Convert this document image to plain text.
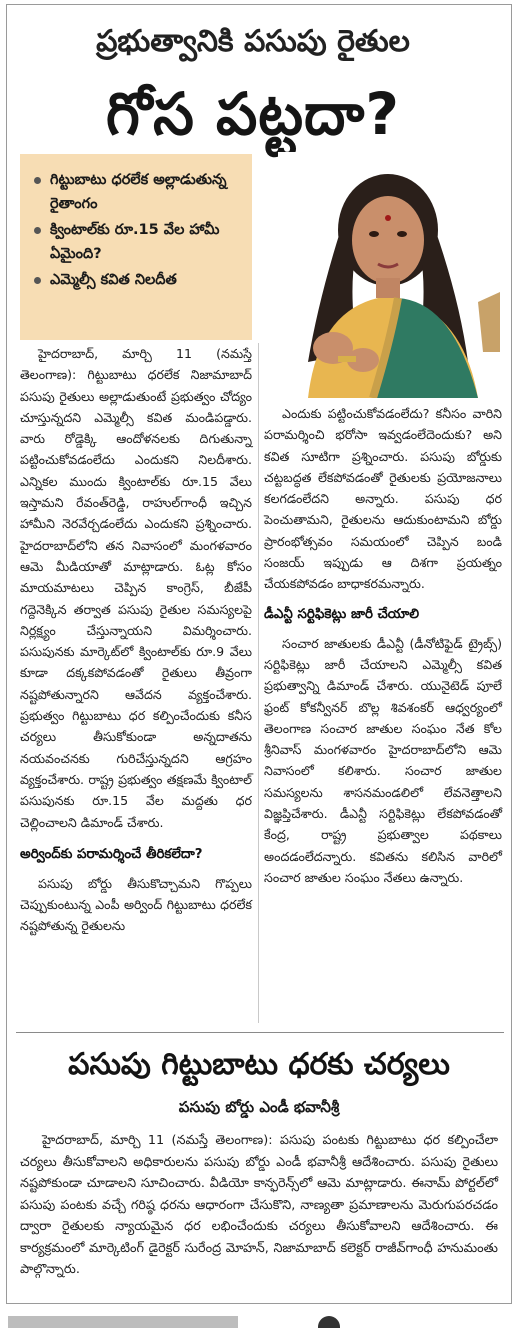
ప్రభుత్వానికి పసుపు రైతుల
గోస పట్టదా?
గిట్టుబాటు ధరలేక అల్లాడుతున్న రైతాంగం
క్వింటాల్‌కు రూ.15 వేల హామీ ఏమైంది?
ఎమ్మెల్సీ కవిత నిలదీత

హైదరాబాద్, మార్చి 11 (నమస్తే తెలంగాణ): గిట్టుబాటు ధరలేక నిజామాబాద్ పసుపు రైతులు అల్లాడుతుంటే ప్రభుత్వం చోద్యం చూస్తున్నదని ఎమ్మెల్సీ కవిత మండిపడ్డారు. వారు రోడ్డెక్కి ఆందోళనలకు దిగుతున్నా పట్టించుకోవడంలేదు ఎందుకని నిలదీశారు. ఎన్నికల ముందు క్వింటాల్‌కు రూ.15 వేలు ఇస్తామని రేవంత్‌రెడ్డి, రాహుల్‌గాంధీ ఇచ్చిన హామీని నెరవేర్చడంలేదు ఎందుకని ప్రశ్నించారు. హైదరాబాద్‌లోని తన నివాసంలో మంగళవారం ఆమె మీడియాతో మాట్లాడారు. ఓట్ల కోసం మాయమాటలు చెప్పిన కాంగ్రెస్, బీజేపీ గద్దెనెక్కిన తర్వాత పసుపు రైతుల సమస్యలపై నిర్లక్ష్యం చేస్తున్నాయని విమర్శించారు. పసుపునకు మార్కెట్‌లో క్వింటాల్‌కు రూ.9 వేలు కూడా దక్కకపోవడంతో రైతులు తీవ్రంగా నష్టపోతున్నారని ఆవేదన వ్యక్తంచేశారు. ప్రభుత్వం గిట్టుబాటు ధర కల్పించేందుకు కనీస చర్యలు తీసుకోకుండా అన్నదాతను నయవంచనకు గురిచేస్తున్నదని ఆగ్రహం వ్యక్తంచేశారు. రాష్ట్ర ప్రభుత్వం తక్షణమే క్వింటాల్ పసుపునకు రూ.15 వేల మద్దతు ధర చెల్లించాలని డిమాండ్ చేశారు.

అర్వింద్‌కు పరామర్శించే తీరికలేదా?

పసుపు బోర్డు తీసుకొచ్చామని గొప్పలు చెప్పుకుంటున్న ఎంపీ అర్వింద్ గిట్టుబాటు ధరలేక నష్టపోతున్న రైతులను

ఎందుకు పట్టించుకోవడంలేదు? కనీసం వారిని పరామర్శించి భరోసా ఇవ్వడంలేదెందుకు? అని కవిత సూటిగా ప్రశ్నించారు. పసుపు బోర్డుకు చట్టబద్ధత లేకపోవడంతో రైతులకు ప్రయోజనాలు కలగడంలేదని అన్నారు. పసుపు ధర పెంచుతామని, రైతులను ఆదుకుంటామని బోర్డు ప్రారంభోత్సవం సమయంలో చెప్పిన బండి సంజయ్ ఇప్పుడు ఆ దిశగా ప్రయత్నం చేయకపోవడం బాధాకరమన్నారు.

డీఎన్టీ సర్టిఫికెట్లు జారీ చేయాలి

సంచార జాతులకు డీఎన్టీ (డీనోటిఫైడ్ ట్రైబ్స్) సర్టిఫికెట్లు జారీ చేయాలని ఎమ్మెల్సీ కవిత ప్రభుత్వాన్ని డిమాండ్ చేశారు. యునైటెడ్ పూలే ఫ్రంట్ కోకన్వీనర్ బొల్ల శివశంకర్ ఆధ్వర్యంలో తెలంగాణ సంచార జాతుల సంఘం నేత కోల శ్రీనివాస్ మంగళవారం హైదరాబాద్‌లోని ఆమె నివాసంలో కలిశారు. సంచార జాతుల సమస్యలను శాసనమండలిలో లేవనెత్తాలని విజ్ఞప్తిచేశారు. డీఎన్టీ సర్టిఫికెట్లు లేకపోవడంతో కేంద్ర, రాష్ట్ర ప్రభుత్వాల పథకాలు అందడంలేదన్నారు. కవితను కలిసిన వారిలో సంచార జాతుల సంఘం నేతలు ఉన్నారు.

పసుపు గిట్టుబాటు ధరకు చర్యలు
పసుపు బోర్డు ఎండీ భవానీశ్రీ

హైదరాబాద్, మార్చి 11 (నమస్తే తెలంగాణ): పసుపు పంటకు గిట్టుబాటు ధర కల్పించేలా చర్యలు తీసుకోవాలని అధికారులను పసుపు బోర్డు ఎండీ భవానీశ్రీ ఆదేశించారు. పసుపు రైతులు నష్టపోకుండా చూడాలని సూచించారు. వీడియో కాన్ఫరెన్స్‌లో ఆమె మాట్లాడారు. ఈనామ్ పోర్టల్‌లో పసుపు పంటకు వచ్చే గరిష్ఠ ధరను ఆధారంగా చేసుకొని, నాణ్యతా ప్రమాణాలను మెరుగుపరచడం ద్వారా రైతులకు న్యాయమైన ధర లభించేందుకు చర్యలు తీసుకోవాలని ఆదేశించారు. ఈ కార్యక్రమంలో మార్కెటింగ్ డైరెక్టర్ సురేంద్ర మోహన్, నిజామాబాద్ కలెక్టర్ రాజీవ్‌గాంధీ హనుమంతు పాల్గొన్నారు.
